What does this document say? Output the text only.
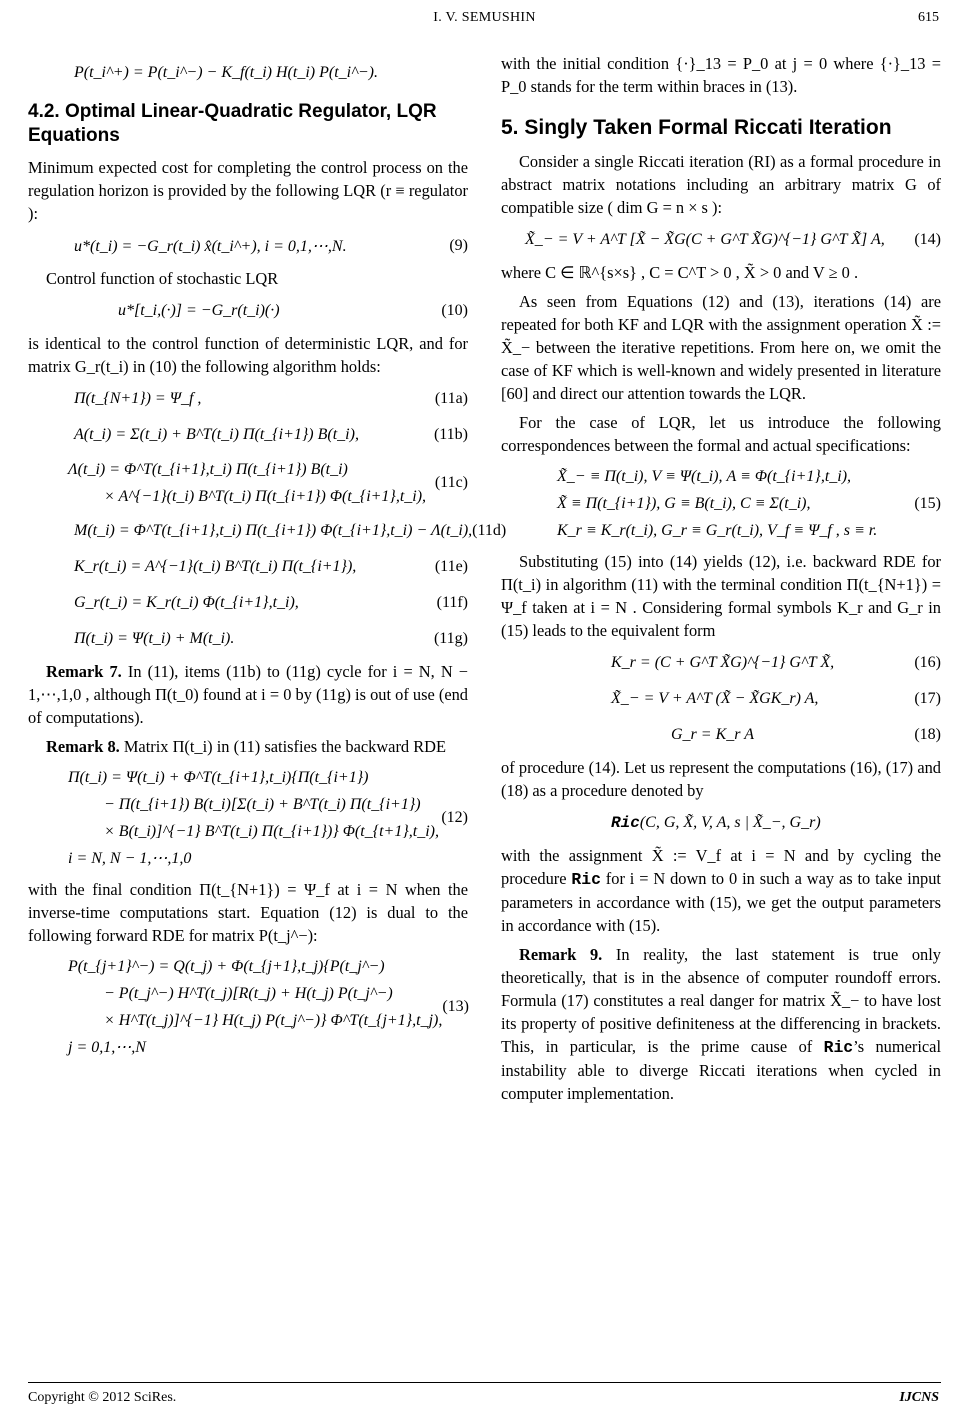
I. V. SEMUSHIN	615
P(t_i^+) = P(t_i^−) − K_f(t_i) H(t_i) P(t_i^−).
4.2. Optimal Linear-Quadratic Regulator, LQR Equations

Minimum expected cost for completing the control process on the regulation horizon is provided by the following LQR (r ≡ regulator ):

u*(t_i) = −G_r(t_i) x̂(t_i^+), i = 0,1,⋯,N.	(9)

Control function of stochastic LQR

u*[t_i,(·)] = −G_r(t_i)(·)	(10)

is identical to the control function of deterministic LQR, and for matrix G_r(t_i) in (10) the following algorithm holds:

Π(t_{N+1}) = Ψ_f ,	(11a)
A(t_i) = Σ(t_i) + B^T(t_i) Π(t_{i+1}) B(t_i),	(11b)
Λ(t_i) = Φ^T(t_{i+1},t_i) Π(t_{i+1}) B(t_i)
× A^{−1}(t_i) B^T(t_i) Π(t_{i+1}) Φ(t_{i+1},t_i),
(11c)
M(t_i) = Φ^T(t_{i+1},t_i) Π(t_{i+1}) Φ(t_{i+1},t_i) − Λ(t_i), (11d)
K_r(t_i) = A^{−1}(t_i) B^T(t_i) Π(t_{i+1}),	(11e)
G_r(t_i) = K_r(t_i) Φ(t_{i+1},t_i),	(11f)
Π(t_i) = Ψ(t_i) + M(t_i).	(11g)

Remark 7. In (11), items (11b) to (11g) cycle for i = N, N − 1,⋯,1,0 , although Π(t_0) found at i = 0 by (11g) is out of use (end of computations).

Remark 8. Matrix Π(t_i) in (11) satisfies the backward RDE

Π(t_i) = Ψ(t_i) + Φ^T(t_{i+1},t_i){Π(t_{i+1})
− Π(t_{i+1}) B(t_i)[Σ(t_i) + B^T(t_i) Π(t_{i+1})
× B(t_i)]^{−1} B^T(t_i) Π(t_{i+1})} Φ(t_{t+1},t_i),
i = N, N − 1,⋯,1,0
(12)

with the final condition Π(t_{N+1}) = Ψ_f at i = N when the inverse-time computations start. Equation (12) is dual to the following forward RDE for matrix P(t_j^−):

P(t_{j+1}^−) = Q(t_j) + Φ(t_{j+1},t_j){P(t_j^−)
− P(t_j^−) H^T(t_j)[R(t_j) + H(t_j) P(t_j^−)
× H^T(t_j)]^{−1} H(t_j) P(t_j^−)} Φ^T(t_{j+1},t_j),
j = 0,1,⋯,N
(13)

with the initial condition {·}_13 = P_0 at j = 0 where {·}_13 = P_0 stands for the term within braces in (13).

5. Singly Taken Formal Riccati Iteration

Consider a single Riccati iteration (RI) as a formal procedure in abstract matrix notations including an arbitrary matrix G of compatible size ( dim G = n × s ):

X̃_− = V + A^T [X̃ − X̃G(C + G^T X̃G)^{−1} G^T X̃] A,	(14)

where C ∈ ℝ^{s×s} , C = C^T > 0 , X̃ > 0 and V ≥ 0 .

As seen from Equations (12) and (13), iterations (14) are repeated for both KF and LQR with the assignment operation X̃ := X̃_− between the iterative repetitions. From here on, we omit the case of KF which is well-known and widely presented in literature [60] and direct our attention towards the LQR.

For the case of LQR, let us introduce the following correspondences between the formal and actual specifications:

X̃_− ≡ Π(t_i), V ≡ Ψ(t_i), A ≡ Φ(t_{i+1},t_i),
X̃ ≡ Π(t_{i+1}), G ≡ B(t_i), C ≡ Σ(t_i),
K_r ≡ K_r(t_i), G_r ≡ G_r(t_i), V_f ≡ Ψ_f , s ≡ r.
(15)

Substituting (15) into (14) yields (12), i.e. backward RDE for Π(t_i) in algorithm (11) with the terminal condition Π(t_{N+1}) = Ψ_f taken at i = N . Considering formal symbols K_r and G_r in (15) leads to the equivalent form

K_r = (C + G^T X̃G)^{−1} G^T X̃,	(16)
X̃_− = V + A^T (X̃ − X̃GK_r) A,	(17)
G_r = K_r A	(18)

of procedure (14). Let us represent the computations (16), (17) and (18) as a procedure denoted by

Ric(C, G, X̃, V, A, s | X̃_−, G_r)

with the assignment X̃ := V_f at i = N and by cycling the procedure Ric for i = N down to 0 in such a way as to take input parameters in accordance with (15), we get the output parameters in accordance with (15).

Remark 9. In reality, the last statement is true only theoretically, that is in the absence of computer roundoff errors. Formula (17) constitutes a real danger for matrix X̃_− to have lost its property of positive definiteness at the differencing in brackets. This, in particular, is the prime cause of Ric’s numerical instability able to diverge Riccati iterations when cycled in computer implementation.

Copyright © 2012 SciRes.	IJCNS
